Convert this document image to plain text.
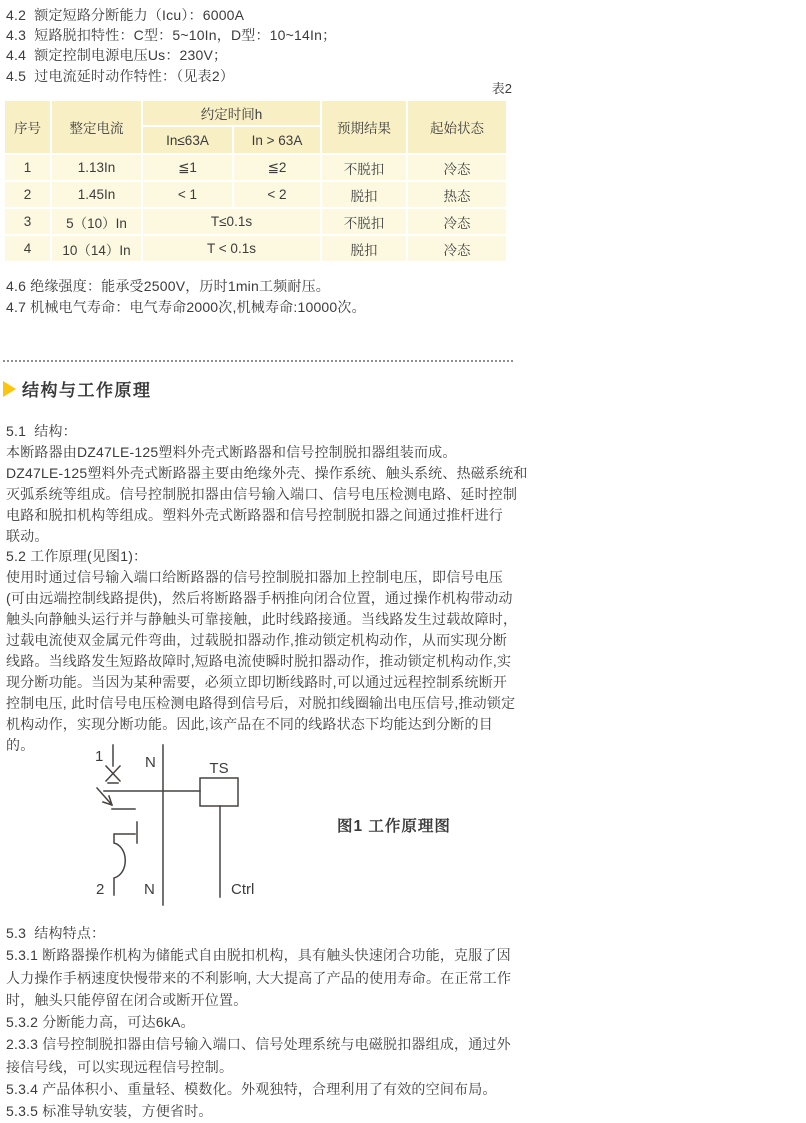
4.2  额定短路分断能力（Icu）：6000A
4.3  短路脱扣特性：C型：5~10In，D型：10~14In；
4.4  额定控制电源电压Us：230V；
4.5  过电流延时动作特性：（见表2）
表2
序号	整定电流	约定时间h		预期结果	起始状态
		In≤63A	In > 63A		
1	1.13In	≦1	≦2	不脱扣	冷态
2	1.45In	< 1	< 2	脱扣	热态
3	5（10）In	T≤0.1s		不脱扣	冷态
4	10（14）In	T < 0.1s		脱扣	冷态
4.6 绝缘强度：能承受2500V，历时1min工频耐压。
4.7 机械电气寿命：电气寿命2000次,机械寿命:10000次。
结构与工作原理
5.1  结构：
本断路器由DZ47LE-125塑料外壳式断路器和信号控制脱扣器组装而成。
DZ47LE-125塑料外壳式断路器主要由绝缘外壳、操作系统、触头系统、热磁系统和
灭弧系统等组成。信号控制脱扣器由信号输入端口、信号电压检测电路、延时控制
电路和脱扣机构等组成。塑料外壳式断路器和信号控制脱扣器之间通过推杆进行
联动。
5.2 工作原理(见图1)：
使用时通过信号输入端口给断路器的信号控制脱扣器加上控制电压，即信号电压
(可由远端控制线路提供)，然后将断路器手柄推向闭合位置，通过操作机构带动动
触头向静触头运行并与静触头可靠接触，此时线路接通。当线路发生过载故障时，
过载电流使双金属元件弯曲，过载脱扣器动作,推动锁定机构动作，从而实现分断
线路。当线路发生短路故障时,短路电流使瞬时脱扣器动作，推动锁定机构动作,实
现分断功能。当因为某种需要，必须立即切断线路时,可以通过远程控制系统断开
控制电压, 此时信号电压检测电路得到信号后，对脱扣线圈输出电压信号,推动锁定
机构动作，实现分断功能。因此,该产品在不同的线路状态下均能达到分断的目
的。
1	N	TS
2	N	Ctrl
图1 工作原理图
5.3  结构特点：
5.3.1 断路器操作机构为储能式自由脱扣机构，具有触头快速闭合功能，克服了因
人力操作手柄速度快慢带来的不利影响, 大大提高了产品的使用寿命。在正常工作
时，触头只能停留在闭合或断开位置。
5.3.2 分断能力高，可达6kA。
2.3.3 信号控制脱扣器由信号输入端口、信号处理系统与电磁脱扣器组成，通过外
接信号线，可以实现远程信号控制。
5.3.4 产品体积小、重量轻、模数化。外观独特，合理利用了有效的空间布局。
5.3.5 标准导轨安装，方便省时。
